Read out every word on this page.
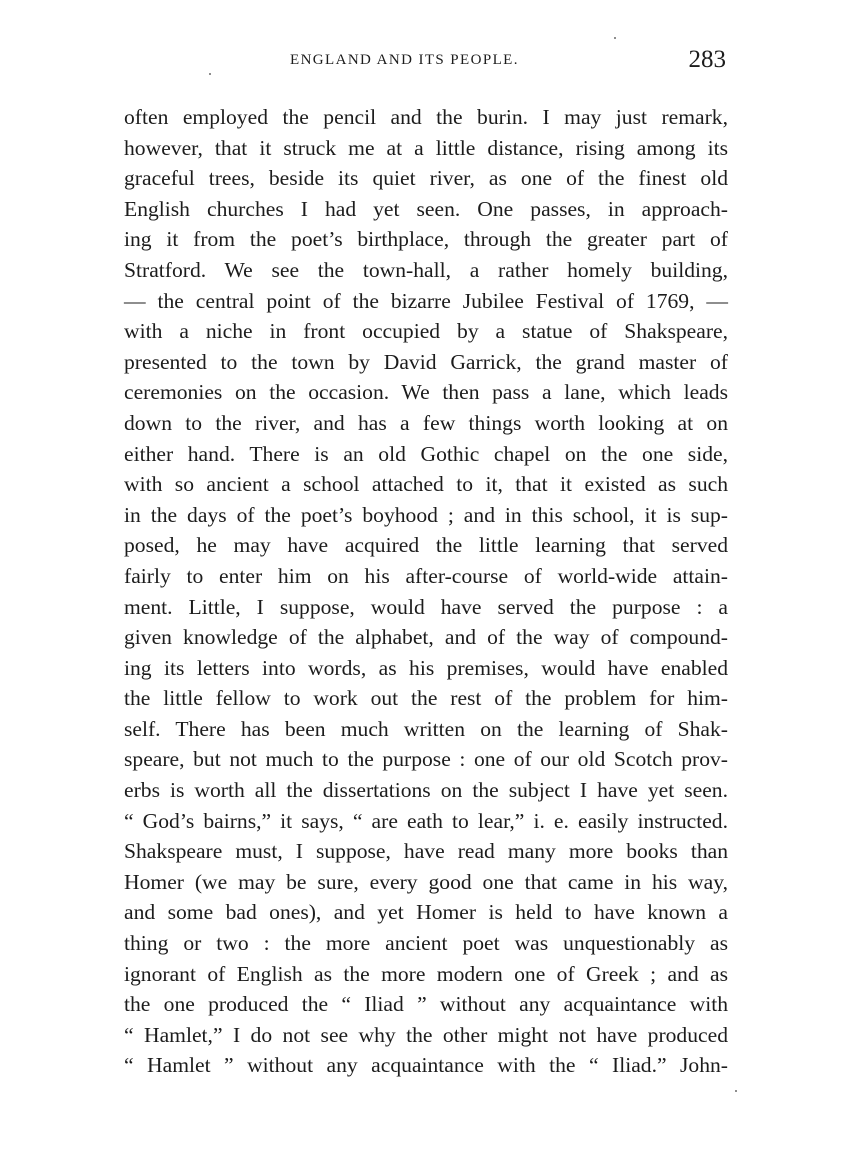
ENGLAND AND ITS PEOPLE.	283
often employed the pencil and the burin. I may just remark,
however, that it struck me at a little distance, rising among its
graceful trees, beside its quiet river, as one of the finest old
English churches I had yet seen. One passes, in approach-
ing it from the poet’s birthplace, through the greater part of
Stratford. We see the town-hall, a rather homely building,
— the central point of the bizarre Jubilee Festival of 1769, —
with a niche in front occupied by a statue of Shakspeare,
presented to the town by David Garrick, the grand master of
ceremonies on the occasion. We then pass a lane, which leads
down to the river, and has a few things worth looking at on
either hand. There is an old Gothic chapel on the one side,
with so ancient a school attached to it, that it existed as such
in the days of the poet’s boyhood ; and in this school, it is sup-
posed, he may have acquired the little learning that served
fairly to enter him on his after-course of world-wide attain-
ment. Little, I suppose, would have served the purpose : a
given knowledge of the alphabet, and of the way of compound-
ing its letters into words, as his premises, would have enabled
the little fellow to work out the rest of the problem for him-
self. There has been much written on the learning of Shak-
speare, but not much to the purpose : one of our old Scotch prov-
erbs is worth all the dissertations on the subject I have yet seen.
“ God’s bairns,” it says, “ are eath to lear,” i. e. easily instructed.
Shakspeare must, I suppose, have read many more books than
Homer (we may be sure, every good one that came in his way,
and some bad ones), and yet Homer is held to have known a
thing or two : the more ancient poet was unquestionably as
ignorant of English as the more modern one of Greek ; and as
the one produced the “ Iliad ” without any acquaintance with
“ Hamlet,” I do not see why the other might not have produced
“ Hamlet ” without any acquaintance with the “ Iliad.” John-
